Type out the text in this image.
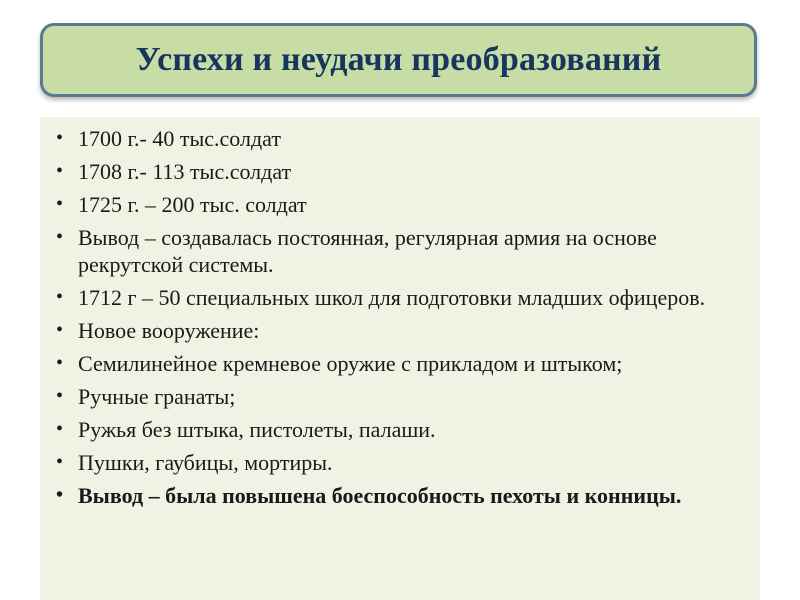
Успехи и неудачи преобразований
• 1700 г.- 40 тыс.солдат
• 1708 г.- 113 тыс.солдат
• 1725 г. – 200 тыс. солдат
• Вывод – создавалась постоянная, регулярная армия на основе рекрутской системы.
• 1712 г – 50 специальных школ для подготовки младших офицеров.
• Новое вооружение:
• Семилинейное кремневое оружие с прикладом и штыком;
• Ручные гранаты;
• Ружья без штыка, пистолеты, палаши.
• Пушки, гаубицы, мортиры.
• Вывод – была повышена боеспособность пехоты и конницы.
